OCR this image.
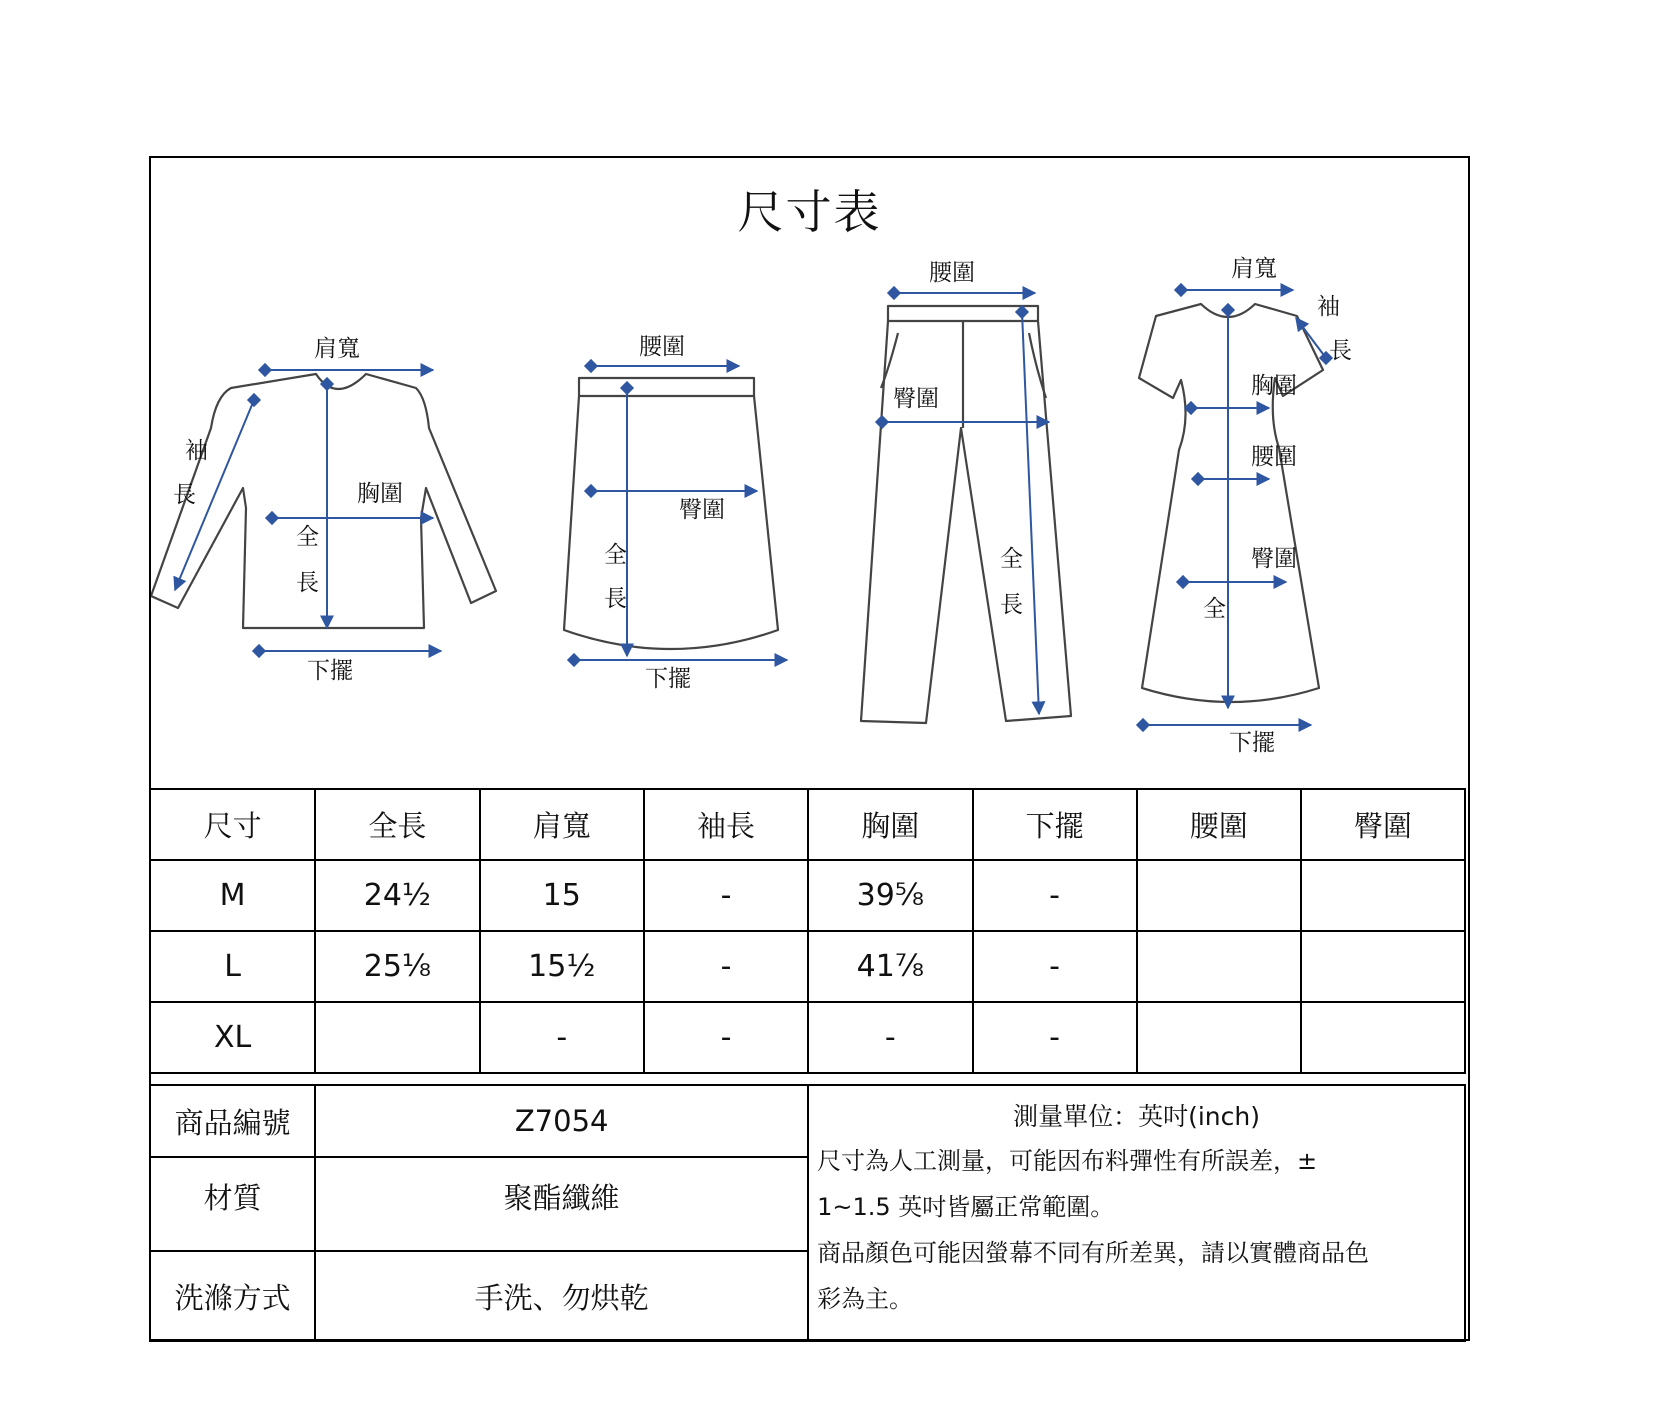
尺寸表
肩寬
袖
長	胸圍
全
長
下擺
腰圍
臀圍
全
長
下擺
腰圍
臀圍
全
長
肩寬
袖
長
胸圍
腰圍
臀圍
全
下擺
尺寸	全長	肩寬	袖長	胸圍	下擺	腰圍	臀圍
M	24½	15	-	39⅝	-		
L	25⅛	15½	-	41⅞	-		
XL		-	-	-	-		
商品編號	Z7054	測量單位：英吋(inch)
尺寸為人工測量，可能因布料彈性有所誤差，±
1~1.5 英吋皆屬正常範圍。
商品顏色可能因螢幕不同有所差異，請以實體商品色
彩為主。

材質	聚酯纖維	
洗滌方式	手洗、勿烘乾	
